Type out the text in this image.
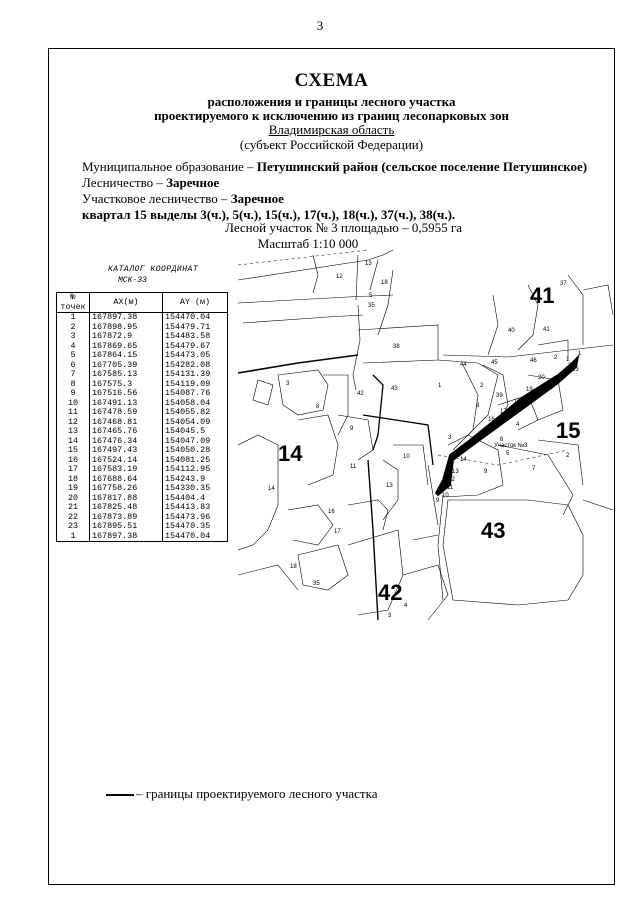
3
СХЕМА
расположения и границы лесного участка
проектируемого к исключению из границ лесопарковых зон
Владимирская область
(субъект Российской Федерации)
Муниципальное образование – Петушинский район (сельское поселение Петушинское)
Лесничество – Заречное
Участковое лесничество – Заречное
квартал 15 выделы 3(ч.), 5(ч.), 15(ч.), 17(ч.), 18(ч.), 37(ч.), 38(ч.).
Лесной участок № 3 площадью – 0,5955 га
Масштаб 1:10 000
КАТАЛОГ КООРДИНАТ
МСК-33
№ точек	АХ(м)	AY (м)
1	167897.38	154470.04
2	167898.95	154479.71
3	167872.9	154483.58
4	167869.65	154479.67
5	167864.15	154473.05
6	167705.39	154282.08
7	167585.13	154131.39
8	167575.3	154119.09
9	167516.56	154087.76
10	167491.13	154058.04
11	167478.59	154055.82
12	167468.81	154054.09
13	167465.76	154045.5
14	167476.34	154047.09
15	167497.43	154050.28
16	167524.14	154081.25
17	167583.19	154112.95
18	167688.64	154243.9
19	167758.26	154330.35
20	167817.88	154404.4
21	167825.48	154413.83
22	167873.89	154473.96
23	167895.51	154470.35
1	167897.38	154470.04
12
13
18
5
35
38
3
8
9
14
42
43
10
11
13
16
17
18
35
3
4
1	2
44	45	46
39
40	41
37
21
20
19
18
17
16
15
14
13
12
11
10
9
8
7
6
5
4
3
2 1
22
23
1
2
9	7
14
15
41
42
43
Участок №3
– границы проектируемого лесного участка
